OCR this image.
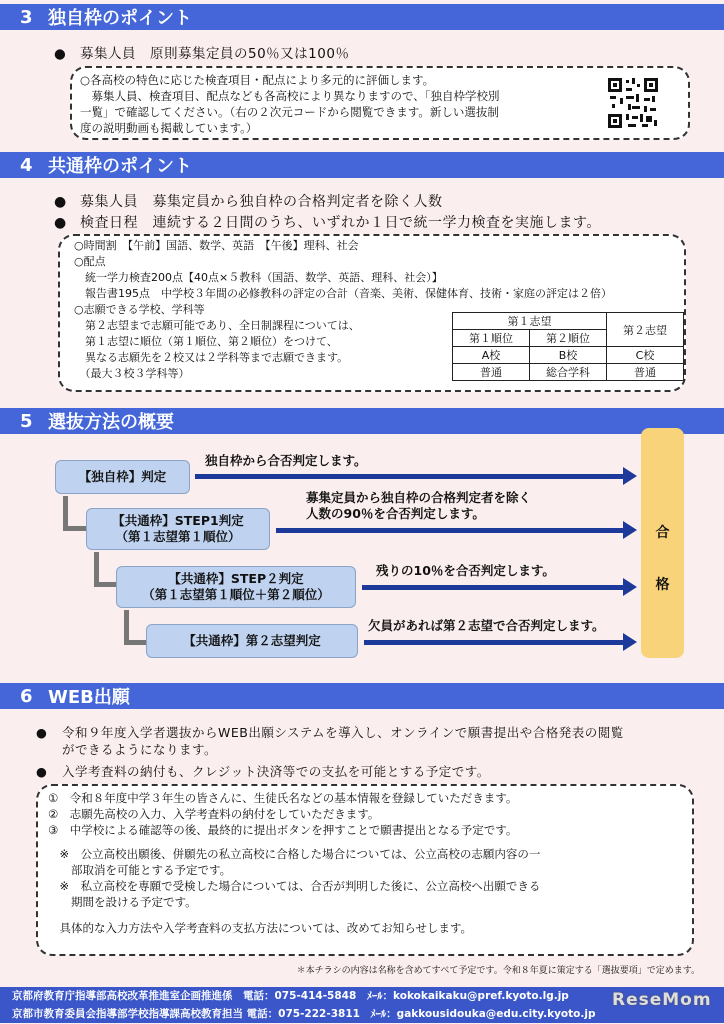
3 独自枠のポイント
● 募集人員　原則募集定員の50％又は100％
○各高校の特色に応じた検査項目・配点により多元的に評価します。
　募集人員、検査項目、配点なども各高校により異なりますので、「独自枠学校別
一覧」で確認してください。（右の２次元コードから閲覧できます。新しい選抜制
度の説明動画も掲載しています。）
4 共通枠のポイント
● 募集人員　募集定員から独自枠の合格判定者を除く人数
● 検査日程　連続する２日間のうち、いずれか１日で統一学力検査を実施します。
○時間割　【午前】国語、数学、英語　【午後】理科、社会
○配点
　統一学力検査200点【40点×５教科（国語、数学、英語、理科、社会）】
　報告書195点　中学校３年間の必修教科の評定の合計（音楽、美術、保健体育、技術・家庭の評定は２倍）
○志願できる学校、学科等
　第２志望まで志願可能であり、全日制課程については、
　第１志望に順位（第１順位、第２順位）をつけて、
　異なる志願先を２校又は２学科等まで志願できます。
　（最大３校３学科等）
第１志望		第２志望
第１順位	第２順位	
A校	B校	C校
普通	総合学科	普通
5 選抜方法の概要
【独自枠】判定
独自枠から合否判定します。
【共通枠】STEP1判定
（第１志望第１順位）
募集定員から独自枠の合格判定者を除く
人数の90％を合否判定します。
【共通枠】STEP２判定
（第１志望第１順位＋第２順位）
残りの10％を合否判定します。
【共通枠】第２志望判定
欠員があれば第２志望で合否判定します。
合
格
6 WEB出願
● 令和９年度入学者選抜からWEB出願システムを導入し、オンラインで願書提出や合格発表の閲覧
ができるようになります。
● 入学考査料の納付も、クレジット決済等での支払を可能とする予定です。
①　令和８年度中学３年生の皆さんに、生徒氏名などの基本情報を登録していただきます。
②　志願先高校の入力、入学考査料の納付をしていただきます。
③　中学校による確認等の後、最終的に提出ボタンを押すことで願書提出となる予定です。
　※　公立高校出願後、併願先の私立高校に合格した場合については、公立高校の志願内容の一
　　部取消を可能とする予定です。
　※　私立高校を専願で受検した場合については、合否が判明した後に、公立高校へ出願できる
　　期間を設ける予定です。
　具体的な入力方法や入学考査料の支払方法については、改めてお知らせします。
＊本チラシの内容は名称を含めてすべて予定です。令和８年夏に策定する「選抜要項」で定めます。
京都府教育庁指導部高校改革推進室企画推進係　電話：075-414-5848　ﾒｰﾙ：kokokaikaku@pref.kyoto.lg.jp
京都市教育委員会指導部学校指導課高校教育担当 電話：075-222-3811　ﾒｰﾙ：gakkousidouka@edu.city.kyoto.jp
ReseMom
